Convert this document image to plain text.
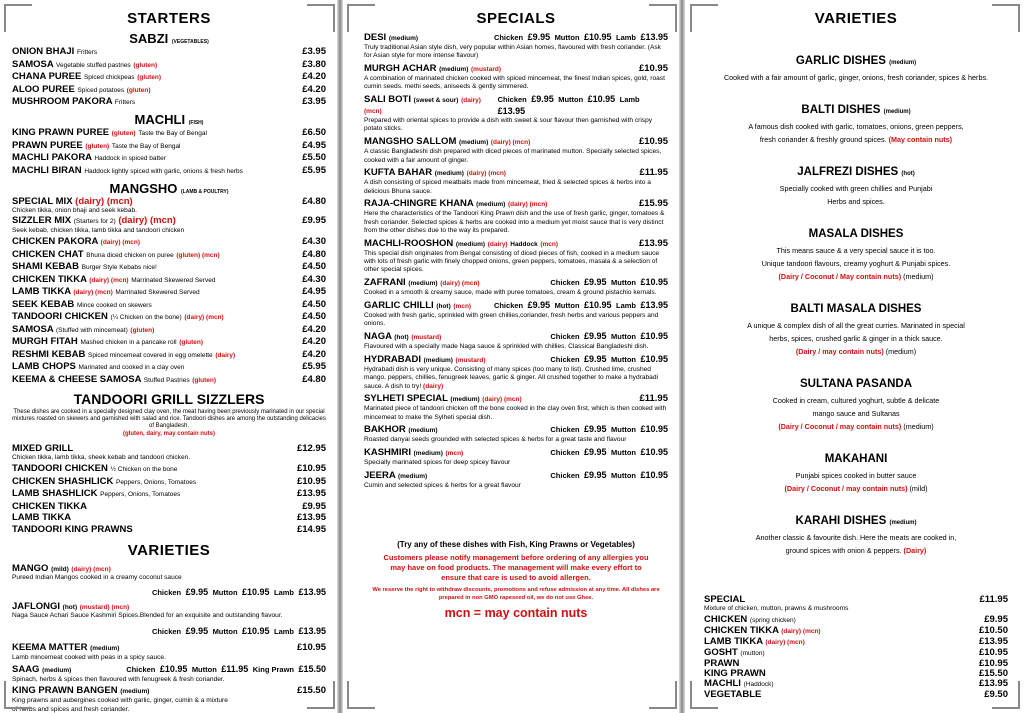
STARTERS
SABZI (VEGETABLES)
ONION BHAJI Fritters	£3.95
SAMOSA Vegetable stuffed pastries (gluten)	£3.80
CHANA PUREE Spiced chickpeas (gluten)	£4.20
ALOO PUREE Spiced potatoes (gluten)	£4.20
MUSHROOM PAKORA Fritters	£3.95
MACHLI (FISH)
KING PRAWN PUREE (gluten) Taste the Bay of Bengal	£6.50
PRAWN PUREE (gluten) Taste the Bay of Bengal	£4.95
MACHLI PAKORA Haddock in spiced batter	£5.50
MACHLI BIRAN Haddock lightly spiced with garlic, onions & fresh herbs	£5.95
MANGSHO (LAMB & POULTRY)
SPECIAL MIX (dairy) (mcn)	£4.80
Chicken tikka, onion bhaji and seek kebab.
SIZZLER MIX (Starters for 2) (dairy) (mcn)	£9.95
Seek kebab, chicken tikka, lamb tikka and tandoori chicken
CHICKEN PAKORA (dairy) (mcn)	£4.30
CHICKEN CHAT Bhuna diced chicken on puree (gluten) (mcn)	£4.80
SHAMI KEBAB Burger Style Kebabs nice!	£4.50
CHICKEN TIKKA (dairy) (mcn) Marrinated Skewered Served	£4.30
LAMB TIKKA (dairy) (mcn) Marrinated Skewered Served	£4.95
SEEK KEBAB Mince cooked on skewers	£4.50
TANDOORI CHICKEN (¼ Chicken on the bone) (dairy) (mcn)	£4.50
SAMOSA (Stuffed with mincemeat) (gluten)	£4.20
MURGH FITAH Mashed chicken in a pancake roll (gluten)	£4.20
RESHMI KEBAB Spiced mincemeat covered in egg omelette (dairy)	£4.20
LAMB CHOPS Marinated and cooked in a clay oven	£5.95
KEEMA & CHEESE SAMOSA Stuffed Pastries (gluten)	£4.80
TANDOORI GRILL SIZZLERS
These dishes are cooked in a specially designed clay oven, the meat having been previously marinated in our special mixtures roasted on skewers and garnished with salad and rice. Tandoori dishes are among the outstanding delicacies of Bangladesh.
(gluten, dairy, may contain nuts)
MIXED GRILL	£12.95
Chicken tikka, lamb tikka, sheek kebab and tandoori chicken.
TANDOORI CHICKEN ½ Chicken on the bone	£10.95
CHICKEN SHASHLICK Peppers, Onions, Tomatoes	£10.95
LAMB SHASHLICK Peppers, Onions, Tomatoes	£13.95
CHICKEN TIKKA	£9.95
LAMB TIKKA	£13.95
TANDOORI KING PRAWNS	£14.95
VARIETIES
MANGO (mild) (dairy) (mcn)
Pureed Indian Mangos cooked in a creamy coconut sauce
Chicken £9.95 Mutton £10.95 Lamb £13.95
JAFLONGI (hot) (mustard) (mcn)
Naga Sauce Achari Sauce Kashmiri Spices.Blended for an exquisite and outstanding flavour.
Chicken £9.95 Mutton £10.95 Lamb £13.95
KEEMA MATTER (medium)	£10.95
Lamb mincemeat cooked with peas in a spicy sauce.
SAAG (medium)	Chicken £10.95 Mutton £11.95 King Prawn £15.50
Spinach, herbs & spices then flavoured with fenugreek & fresh coriander.
KING PRAWN BANGEN (medium)	£15.50
King prawns and aubergines cooked with garlic, ginger, cumin & a mixture of herbs and spices and fresh coriander.
SPECIALS
DESI (medium)	Chicken £9.95 Mutton £10.95 Lamb £13.95
Truly traditional Asian style dish, very popular within Asian homes, flavoured with fresh coriander. (Ask for Asian style for more intense flavour)
MURGH ACHAR (medium) (mustard)	£10.95
A combination of marinated chicken cooked with spiced mincemeat, the finest Indian spices, gold, roast cumin seeds. methi seeds, aniseeds & gently simmered.
SALI BOTI (sweet & sour) (dairy) (mcn)
Chicken £9.95 Mutton £10.95 Lamb £13.95
Prepared with oriental spices to provide a dish with sweet & sour flavour then garnished with crispy potato sticks.
MANGSHO SALLOM (medium) (dairy) (mcn)	£10.95
A classic Bangladeshi dish prepared with diced pieces of marinated mutton. Specially selected spices, cooked with a fair amount of ginger.
KUFTA BAHAR (medium) (dairy) (mcn)	£11.95
A dish consisting of spiced meatballs made from mincemeat, fried & selected spices & herbs into a delicious Bhuna sauce.
RAJA-CHINGRE KHANA (medium) (dairy) (mcn)	£15.95
Here the characteristics of the Tandoori King Prawn dish and the use of fresh garlic, ginger, tomatoes & fresh coriander. Selected spices & herbs are cooked into a medium yet moist sauce that is very distinct from the other dishes due to the way its prepared.
MACHLI-ROOSHON (medium) (dairy) Haddock (mcn)	£13.95
This special dish originates from Bengal consisting of diced pieces of fish, cooked in a medium sauce with lots of fresh garlic with finely chopped onions, green peppers, tomatoes, masala & a selection of other special spices.
ZAFRANI (medium) (dairy) (mcn)	Chicken £9.95 Mutton £10.95
Cooked in a smooth & creamy sauce, made with puree tomatoes, cream & ground pistachio kernals.
GARLIC CHILLI (hot) (mcn)	Chicken £9.95 Mutton £10.95 Lamb £13.95
Cooked with fresh garlic, sprinkled with green chillies,coriander, fresh herbs and various peppers and onions.
NAGA (hot) (mustard)	Chicken £9.95 Mutton £10.95
Flavoured with a specially made Naga sauce & sprinkled with chillies. Classical Bangladeshi dish.
HYDRABADI (medium) (mustard)	Chicken £9.95 Mutton £10.95
Hydrabadi dish is very unique. Consisting of many spices (too many to list). Crushed lime, crushed mango, peppers, chillies, fenugreek leaves, garlic & ginger. All crushed together to make a hydrabadi sauce. A dish to try! (dairy)
SYLHETI SPECIAL (medium) (dairy) (mcn)	£11.95
Marinated piece of tandoori chicken off the bone cooked in the clay oven first, which is then cooked with mincemeat to make the Sylheti special dish.
BAKHOR (medium)	Chicken £9.95 Mutton £10.95
Roasted danyai seeds grounded with selected spices & herbs for a great taste and flavour
KASHMIRI (medium) (mcn)	Chicken £9.95 Mutton £10.95
Specially marinated spices for deep spicey flavour
JEERA (medium)	Chicken £9.95 Mutton £10.95
Cumin and selected spices & herbs for a great flavour
(Try any of these dishes with Fish, King Prawns or Vegetables)
Customers please notify management before ordering of any allergies you may have on food products. The management will make every effort to ensure that care is used to avoid allergen.
We reserve the right to withdraw discounts, promotions and refuse admission at any time. All dishes are prepared in non GMO rapeseed oil, we do not use Ghee.
mcn = may contain nuts
VARIETIES
GARLIC DISHES (medium)
Cooked with a fair amount of garlic, ginger, onions, fresh coriander, spices & herbs.
BALTI DISHES (medium)
A famous dish cooked with garlic, tomatoes, onions, green peppers,
fresh coriander & freshly ground spices. (May contain nuts)
JALFREZI DISHES (hot)
Specially cooked with green chillies and Punjabi
Herbs and spices.
MASALA DISHES
This means sauce & a very special sauce it is too.
Unique tandoori flavours, creamy yoghurt & Punjabi spices.
(Dairy / Coconut / May contain nuts) (medium)
BALTI MASALA DISHES
A unique & complex dish of all the great curries. Marinated in special
herbs, spices, crushed garlic & ginger in a thick sauce.
(Dairy / may contain nuts) (medium)
SULTANA PASANDA
Cooked in cream, cultured yoghurt, subtle & delicate
mango sauce and Sultanas
(Dairy / Coconut / may contain nuts) (medium)
MAKAHANI
Punjabi spices cooked in butter sauce
(Dairy / Coconut / may contain nuts) (mild)
KARAHI DISHES (medium)
Another classic & favourite dish. Here the meats are cooked in,
ground spices with onion & peppers. (Dairy)
SPECIAL	£11.95
Mixture of chicken, mutton, prawns & mushrooms
CHICKEN (spring chicken)	£9.95
CHICKEN TIKKA (dairy) (mcn)	£10.50
LAMB TIKKA (dairy) (mcn)	£13.95
GOSHT (mutton)	£10.95
PRAWN	£10.95
KING PRAWN	£15.50
MACHLI (Haddock)	£13.95
VEGETABLE	£9.50
